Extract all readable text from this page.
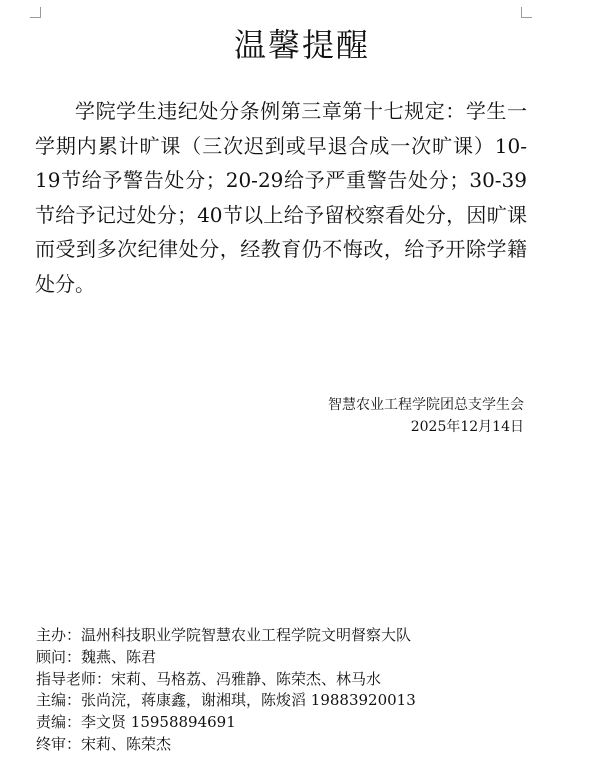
温馨提醒

学院学生违纪处分条例第三章第十七规定：学生一学期内累计旷课（三次迟到或早退合成一次旷课）10-19节给予警告处分；20-29给予严重警告处分；30-39节给予记过处分；40节以上给予留校察看处分，因旷课而受到多次纪律处分，经教育仍不悔改，给予开除学籍处分。

智慧农业工程学院团总支学生会
2025年12月14日
主办：温州科技职业学院智慧农业工程学院文明督察大队
顾问：魏燕、陈君
指导老师：宋莉、马格荔、冯雅静、陈荣杰、林马水
主编：张尚浣，蒋康鑫，谢湘琪，陈焌滔 19883920013
责编：李文贤 15958894691
终审：宋莉、陈荣杰
